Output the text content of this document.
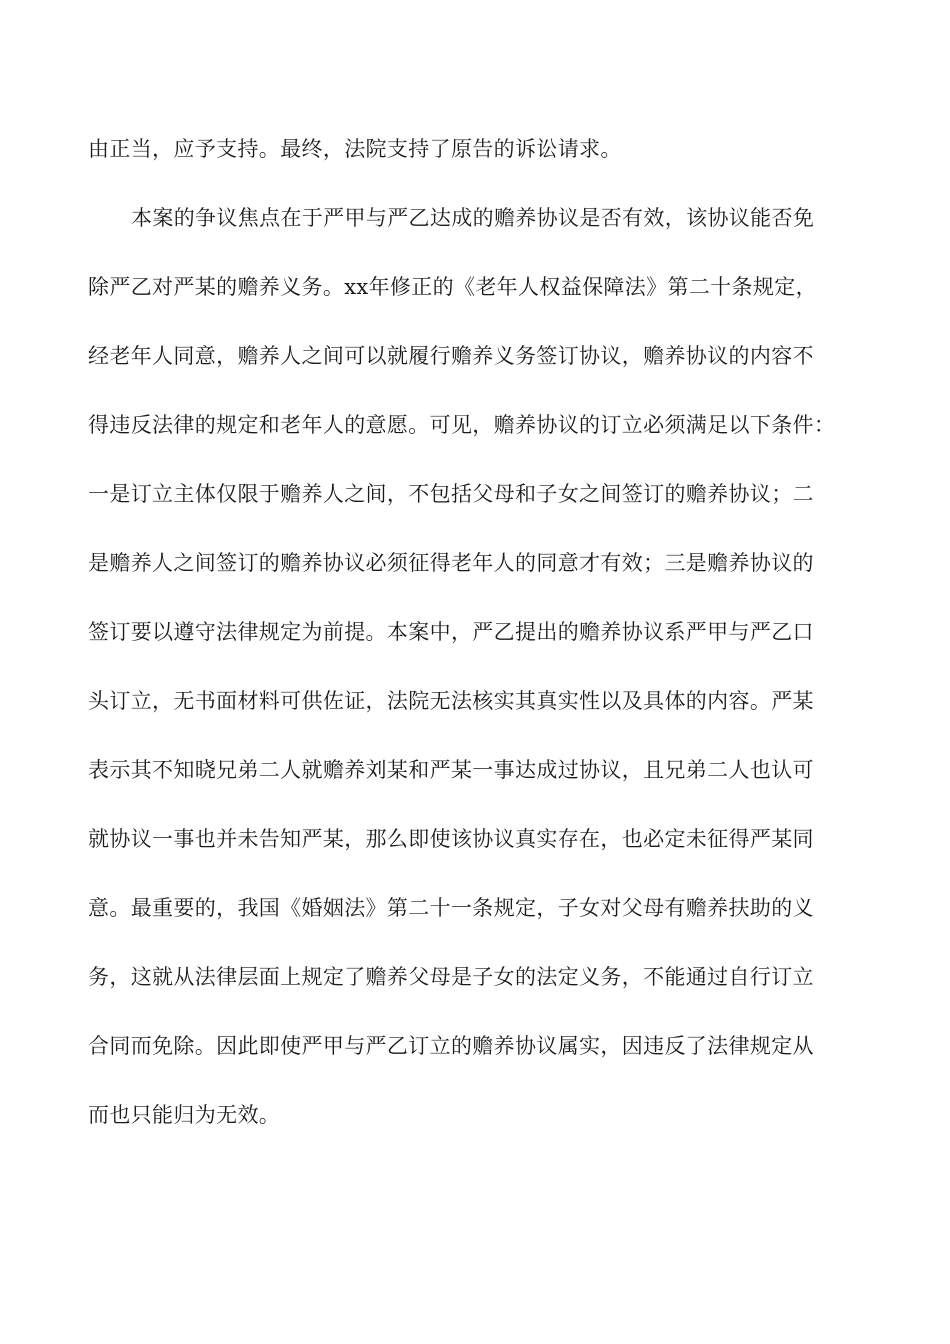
由正当，应予支持。最终，法院支持了原告的诉讼请求。
本案的争议焦点在于严甲与严乙达成的赡养协议是否有效，该协议能否免
除严乙对严某的赡养义务。xx年修正的《老年人权益保障法》第二十条规定，
经老年人同意，赡养人之间可以就履行赡养义务签订协议，赡养协议的内容不
得违反法律的规定和老年人的意愿。可见，赡养协议的订立必须满足以下条件：
一是订立主体仅限于赡养人之间，不包括父母和子女之间签订的赡养协议；二
是赡养人之间签订的赡养协议必须征得老年人的同意才有效；三是赡养协议的
签订要以遵守法律规定为前提。本案中，严乙提出的赡养协议系严甲与严乙口
头订立，无书面材料可供佐证，法院无法核实其真实性以及具体的内容。严某
表示其不知晓兄弟二人就赡养刘某和严某一事达成过协议，且兄弟二人也认可
就协议一事也并未告知严某，那么即使该协议真实存在，也必定未征得严某同
意。最重要的，我国《婚姻法》第二十一条规定，子女对父母有赡养扶助的义
务，这就从法律层面上规定了赡养父母是子女的法定义务，不能通过自行订立
合同而免除。因此即使严甲与严乙订立的赡养协议属实，因违反了法律规定从
而也只能归为无效。
